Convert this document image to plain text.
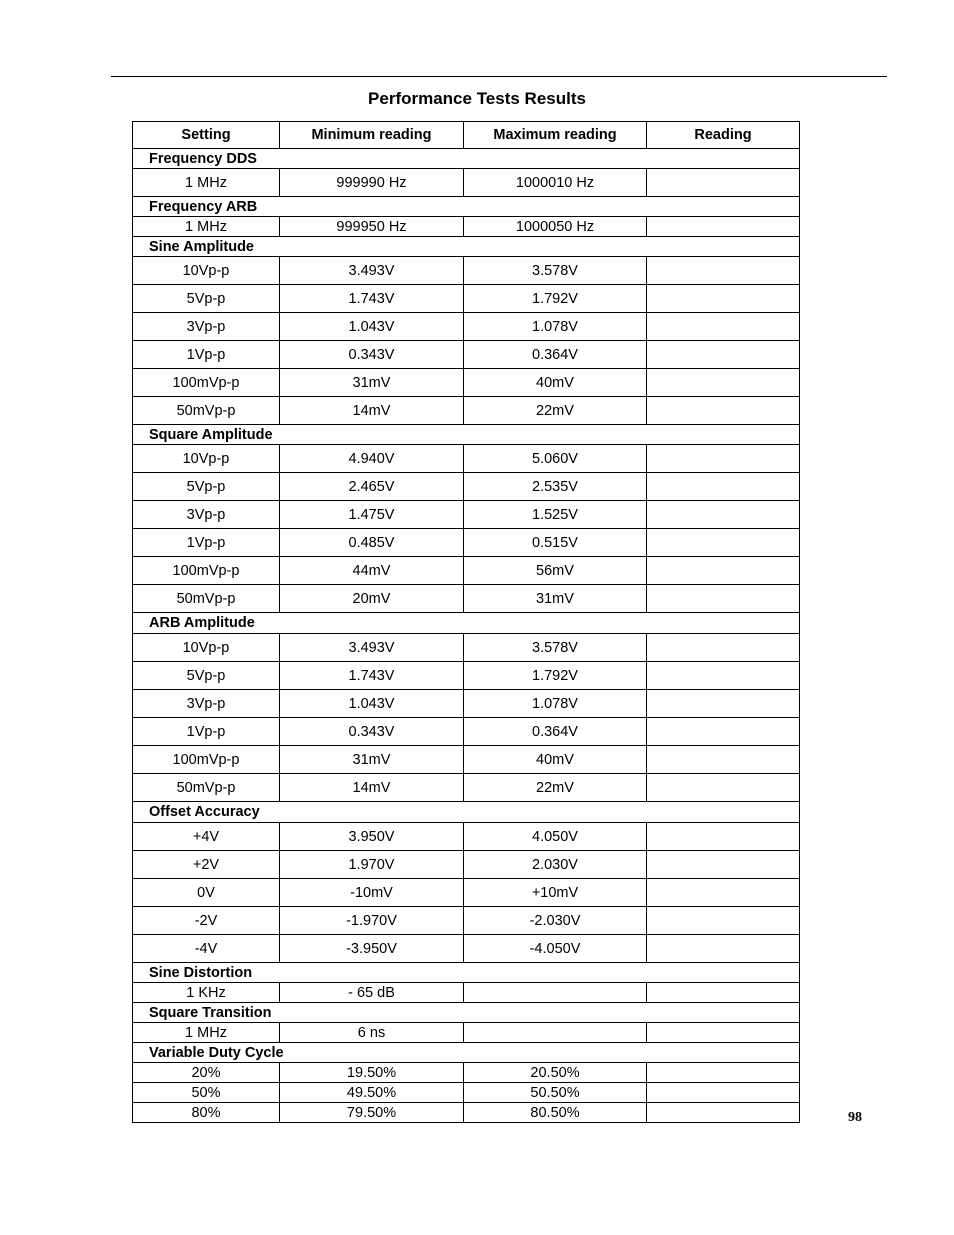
Performance Tests Results
Setting	Minimum reading	Maximum reading	Reading
Frequency DDS			
1 MHz	999990 Hz	1000010 Hz	
Frequency ARB			
1 MHz	999950 Hz	1000050 Hz	
Sine Amplitude			
10Vp-p	3.493V	3.578V	
5Vp-p	1.743V	1.792V	
3Vp-p	1.043V	1.078V	
1Vp-p	0.343V	0.364V	
100mVp-p	31mV	40mV	
50mVp-p	14mV	22mV	
Square Amplitude			
10Vp-p	4.940V	5.060V	
5Vp-p	2.465V	2.535V	
3Vp-p	1.475V	1.525V	
1Vp-p	0.485V	0.515V	
100mVp-p	44mV	56mV	
50mVp-p	20mV	31mV	
ARB Amplitude			
10Vp-p	3.493V	3.578V	
5Vp-p	1.743V	1.792V	
3Vp-p	1.043V	1.078V	
1Vp-p	0.343V	0.364V	
100mVp-p	31mV	40mV	
50mVp-p	14mV	22mV	
Offset Accuracy			
+4V	3.950V	4.050V	
+2V	1.970V	2.030V	
0V	-10mV	+10mV	
-2V	-1.970V	-2.030V	
-4V	-3.950V	-4.050V	
Sine Distortion			
1 KHz	- 65 dB		
Square Transition			
1 MHz	6 ns		
Variable Duty Cycle			
20%	19.50%	20.50%	
50%	49.50%	50.50%	
80%	79.50%	80.50%		98
